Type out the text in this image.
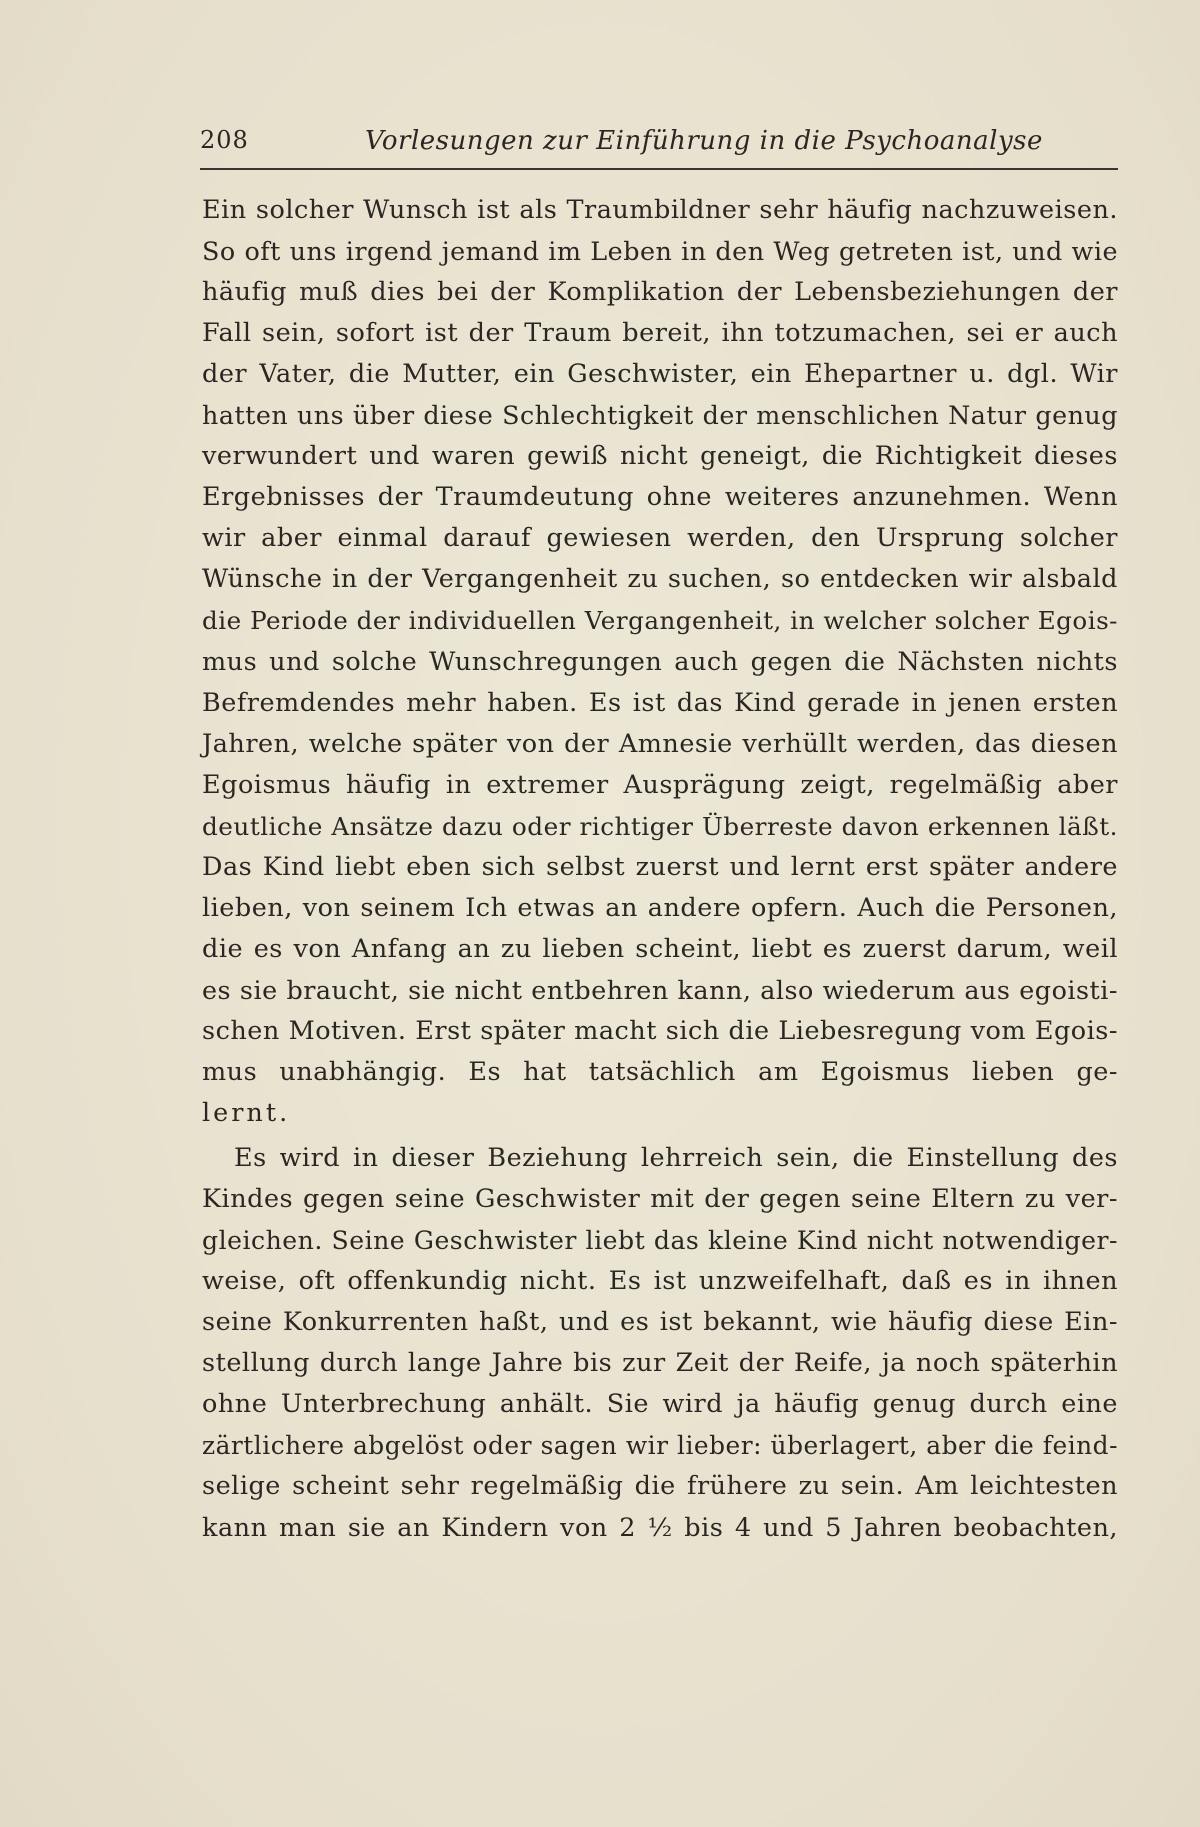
208	Vorlesungen zur Einführung in die Psychoanalyse
Ein solcher Wunsch ist als Traumbildner sehr häufig nachzuweisen.
So oft uns irgend jemand im Leben in den Weg getreten ist, und wie
häufig muß dies bei der Komplikation der Lebensbeziehungen der
Fall sein, sofort ist der Traum bereit, ihn totzumachen, sei er auch
der Vater, die Mutter, ein Geschwister, ein Ehepartner u. dgl. Wir
hatten uns über diese Schlechtigkeit der menschlichen Natur genug
verwundert und waren gewiß nicht geneigt, die Richtigkeit dieses
Ergebnisses der Traumdeutung ohne weiteres anzunehmen. Wenn
wir aber einmal darauf gewiesen werden, den Ursprung solcher
Wünsche in der Vergangenheit zu suchen, so entdecken wir alsbald
die Periode der individuellen Vergangenheit, in welcher solcher Egois-
mus und solche Wunschregungen auch gegen die Nächsten nichts
Befremdendes mehr haben. Es ist das Kind gerade in jenen ersten
Jahren, welche später von der Amnesie verhüllt werden, das diesen
Egoismus häufig in extremer Ausprägung zeigt, regelmäßig aber
deutliche Ansätze dazu oder richtiger Überreste davon erkennen läßt.
Das Kind liebt eben sich selbst zuerst und lernt erst später andere
lieben, von seinem Ich etwas an andere opfern. Auch die Personen,
die es von Anfang an zu lieben scheint, liebt es zuerst darum, weil
es sie braucht, sie nicht entbehren kann, also wiederum aus egoisti-
schen Motiven. Erst später macht sich die Liebesregung vom Egois-
mus unabhängig. Es hat tatsächlich am Egoismus lieben ge-
lernt.
Es wird in dieser Beziehung lehrreich sein, die Einstellung des
Kindes gegen seine Geschwister mit der gegen seine Eltern zu ver-
gleichen. Seine Geschwister liebt das kleine Kind nicht notwendiger-
weise, oft offenkundig nicht. Es ist unzweifelhaft, daß es in ihnen
seine Konkurrenten haßt, und es ist bekannt, wie häufig diese Ein-
stellung durch lange Jahre bis zur Zeit der Reife, ja noch späterhin
ohne Unterbrechung anhält. Sie wird ja häufig genug durch eine
zärtlichere abgelöst oder sagen wir lieber: überlagert, aber die feind-
selige scheint sehr regelmäßig die frühere zu sein. Am leichtesten
kann man sie an Kindern von 2 ½ bis 4 und 5 Jahren beobachten,
